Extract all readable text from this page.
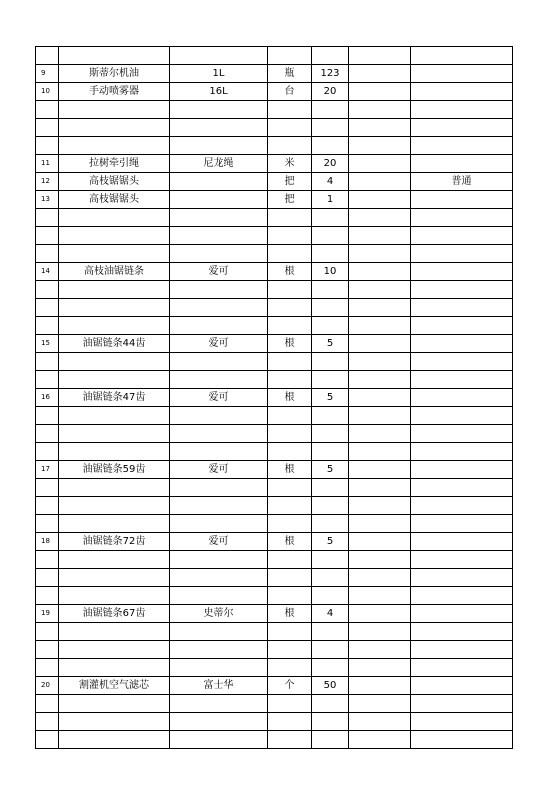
9	斯蒂尔机油	1L	瓶	123		
10	手动喷雾器	16L	台	20		

11	拉树牵引绳	尼龙绳	米	20		
12	高枝锯锯头		把	4		普通
13	高枝锯锯头		把	1		

14	高枝油锯链条	爱可	根	10		

15	油锯链条44齿	爱可	根	5		

16	油锯链条47齿	爱可	根	5		

17	油锯链条59齿	爱可	根	5		

18	油锯链条72齿	爱可	根	5		

19	油锯链条67齿	史蒂尔	根	4		

20	割灌机空气滤芯	富士华	个	50		
